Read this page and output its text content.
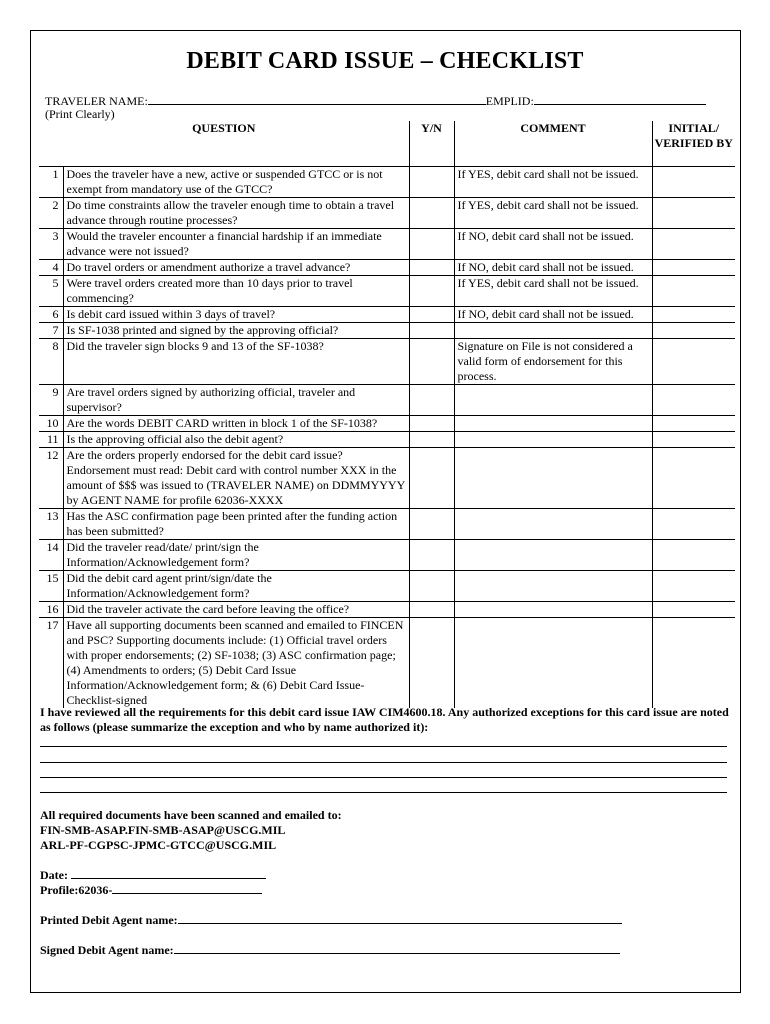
DEBIT CARD ISSUE – CHECKLIST
TRAVELER NAME:	EMPLID:
(Print Clearly)
QUESTION		Y/N	COMMENT	INITIAL/ VERIFIED BY
1	Does the traveler have a new, active or suspended GTCC or is not exempt from mandatory use of the GTCC?		If YES, debit card shall not be issued.	
2	Do time constraints allow the traveler enough time to obtain a travel advance through routine processes?		If YES, debit card shall not be issued.	
3	Would the traveler encounter a financial hardship if an immediate advance were not issued?		If NO, debit card shall not be issued.	
4	Do travel orders or amendment authorize a travel advance?		If NO, debit card shall not be issued.	
5	Were travel orders created more than 10 days prior to travel commencing?		If YES, debit card shall not be issued.	
6	Is debit card issued within 3 days of travel?		If NO, debit card shall not be issued.	
7	Is SF-1038 printed and signed by the approving official?			
8	Did the traveler sign blocks 9 and 13 of the SF-1038?		Signature on File is not considered a valid form of endorsement for this process.	
9	Are travel orders signed by authorizing official, traveler and supervisor?			
10	Are the words DEBIT CARD written in block 1 of the SF-1038?			
11	Is the approving official also the debit agent?			
12	Are the orders properly endorsed for the debit card issue? Endorsement must read: Debit card with control number XXX in the amount of $$$ was issued to (TRAVELER NAME) on DDMMYYYY by AGENT NAME for profile 62036-XXXX			
13	Has the ASC confirmation page been printed after the funding action has been submitted?			
14	Did the traveler read/date/ print/sign the Information/Acknowledgement form?			
15	Did the debit card agent print/sign/date the Information/Acknowledgement form?			
16	Did the traveler activate the card before leaving the office?			
17	Have all supporting documents been scanned and emailed to FINCEN and PSC? Supporting documents include: (1) Official travel orders with proper endorsements; (2) SF-1038; (3) ASC confirmation page; (4) Amendments to orders; (5) Debit Card Issue Information/Acknowledgement form; & (6) Debit Card Issue-Checklist-signed			
I have reviewed all the requirements for this debit card issue IAW CIM4600.18. Any authorized exceptions for this card issue are noted as follows (please summarize the exception and who by name authorized it):
All required documents have been scanned and emailed to:
FIN-SMB-ASAP.FIN-SMB-ASAP@USCG.MIL
ARL-PF-CGPSC-JPMC-GTCC@USCG.MIL
Date:
Profile:62036-
Printed Debit Agent name:
Signed Debit Agent name:
